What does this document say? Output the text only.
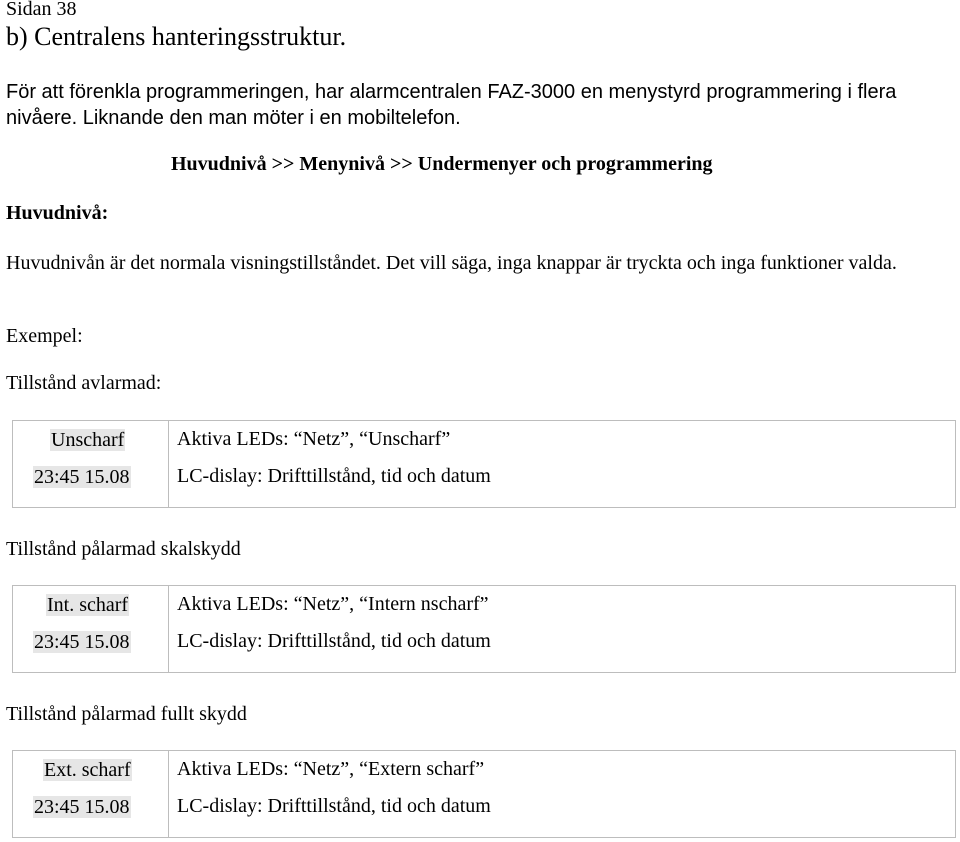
Sidan 38
b) Centralens hanteringsstruktur.
För att förenkla programmeringen, har alarmcentralen FAZ-3000 en menystyrd programmering i flera nivåere. Liknande den man möter i en mobiltelefon.
Huvudnivå >> Menynivå >> Undermenyer och programmering
Huvudnivå:
Huvudnivån är det normala visningstillståndet. Det vill säga, inga knappar är tryckta och inga funktioner valda.
Exempel:
Tillstånd avlarmad:
Unscharf
23:45 15.08
Aktiva LEDs: “Netz”, “Unscharf”
LC-dislay: Drifttillstånd, tid och datum
Tillstånd pålarmad skalskydd
Int. scharf
23:45 15.08
Aktiva LEDs: “Netz”, “Intern nscharf”
LC-dislay: Drifttillstånd, tid och datum
Tillstånd pålarmad fullt skydd
Ext. scharf
23:45 15.08
Aktiva LEDs: “Netz”, “Extern scharf”
LC-dislay: Drifttillstånd, tid och datum
